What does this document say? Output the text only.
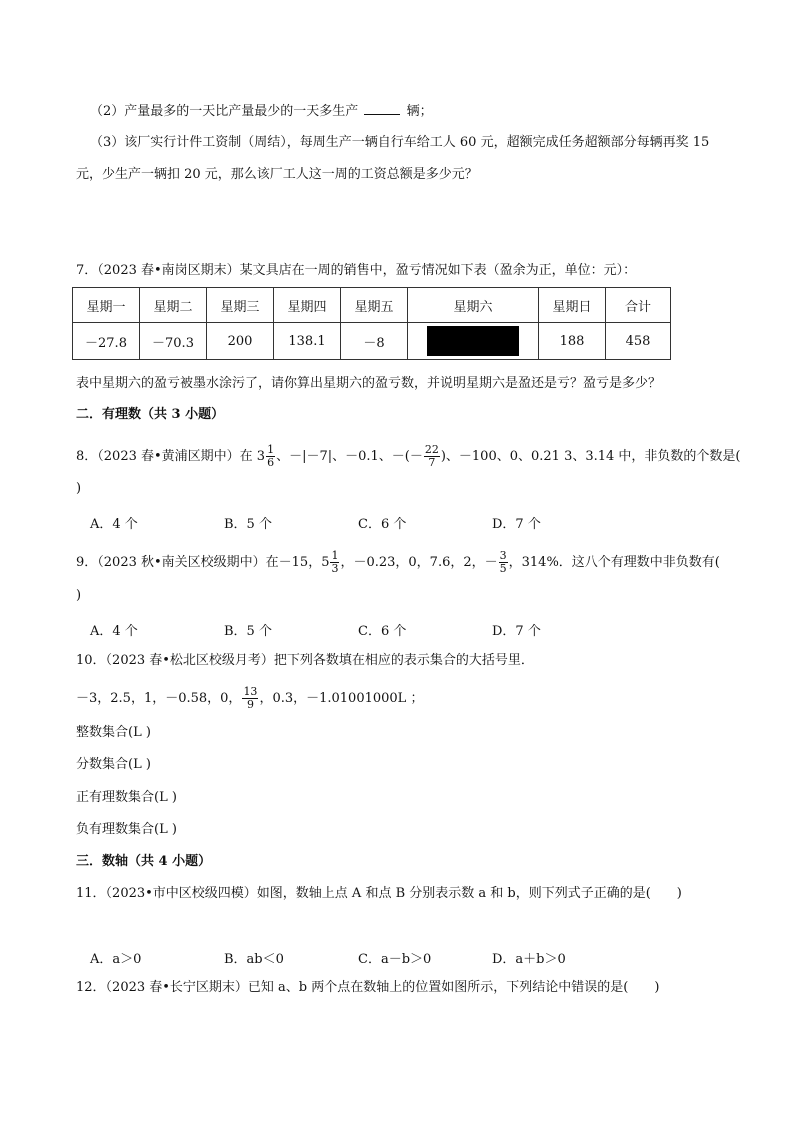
（2）产量最多的一天比产量最少的一天多生产	辆；
（3）该厂实行计件工资制（周结），每周生产一辆自行车给工人 60 元，超额完成任务超额部分每辆再奖 15
元，少生产一辆扣 20 元，那么该厂工人这一周的工资总额是多少元？
7．（2023 春•南岗区期末）某文具店在一周的销售中，盈亏情况如下表（盈余为正，单位：元）：
星期一	星期二	星期三	星期四	星期五	星期六	星期日	合计
－27.8	－70.3	200	138.1	－8		188	458
表中星期六的盈亏被墨水涂污了，请你算出星期六的盈亏数，并说明星期六是盈还是亏？盈亏是多少？
二．有理数（共 3 小题）
8．（2023 春•黄浦区期中）在 $3 \frac{1}{6}$ 、－|－7|、－0.1、－(－ $\frac{22}{7}$ )、－100、0、0.21 3、3.14 中，非负数的个数是(
)
A．4 个	B．5 个	C．6 个	D．7 个
9．（2023 秋•南关区校级期中）在－15，$5 \frac{1}{3}$ ，－0.23，0，7.6，2，－ $\frac{3}{5}$ ，314%．这八个有理数中非负数有(
)
A．4 个	B．5 个	C．6 个	D．7 个
10．（2023 春•松北区校级月考）把下列各数填在相应的表示集合的大括号里．
－3，2.5，1，－0.58，0， $\frac{13}{9}$ ，0.3，－1.01001000L ；
整数集合(L )
分数集合(L )
正有理数集合(L )
负有理数集合(L )
三．数轴（共 4 小题）
11．（2023•市中区校级四模）如图，数轴上点 A 和点 B 分别表示数 a 和 b，则下列式子正确的是(　　)
A．a＞0	B．ab＜0	C．a－b＞0	D．a＋b＞0
12．（2023 春•长宁区期末）已知 a、b 两个点在数轴上的位置如图所示，下列结论中错误的是(　　)
